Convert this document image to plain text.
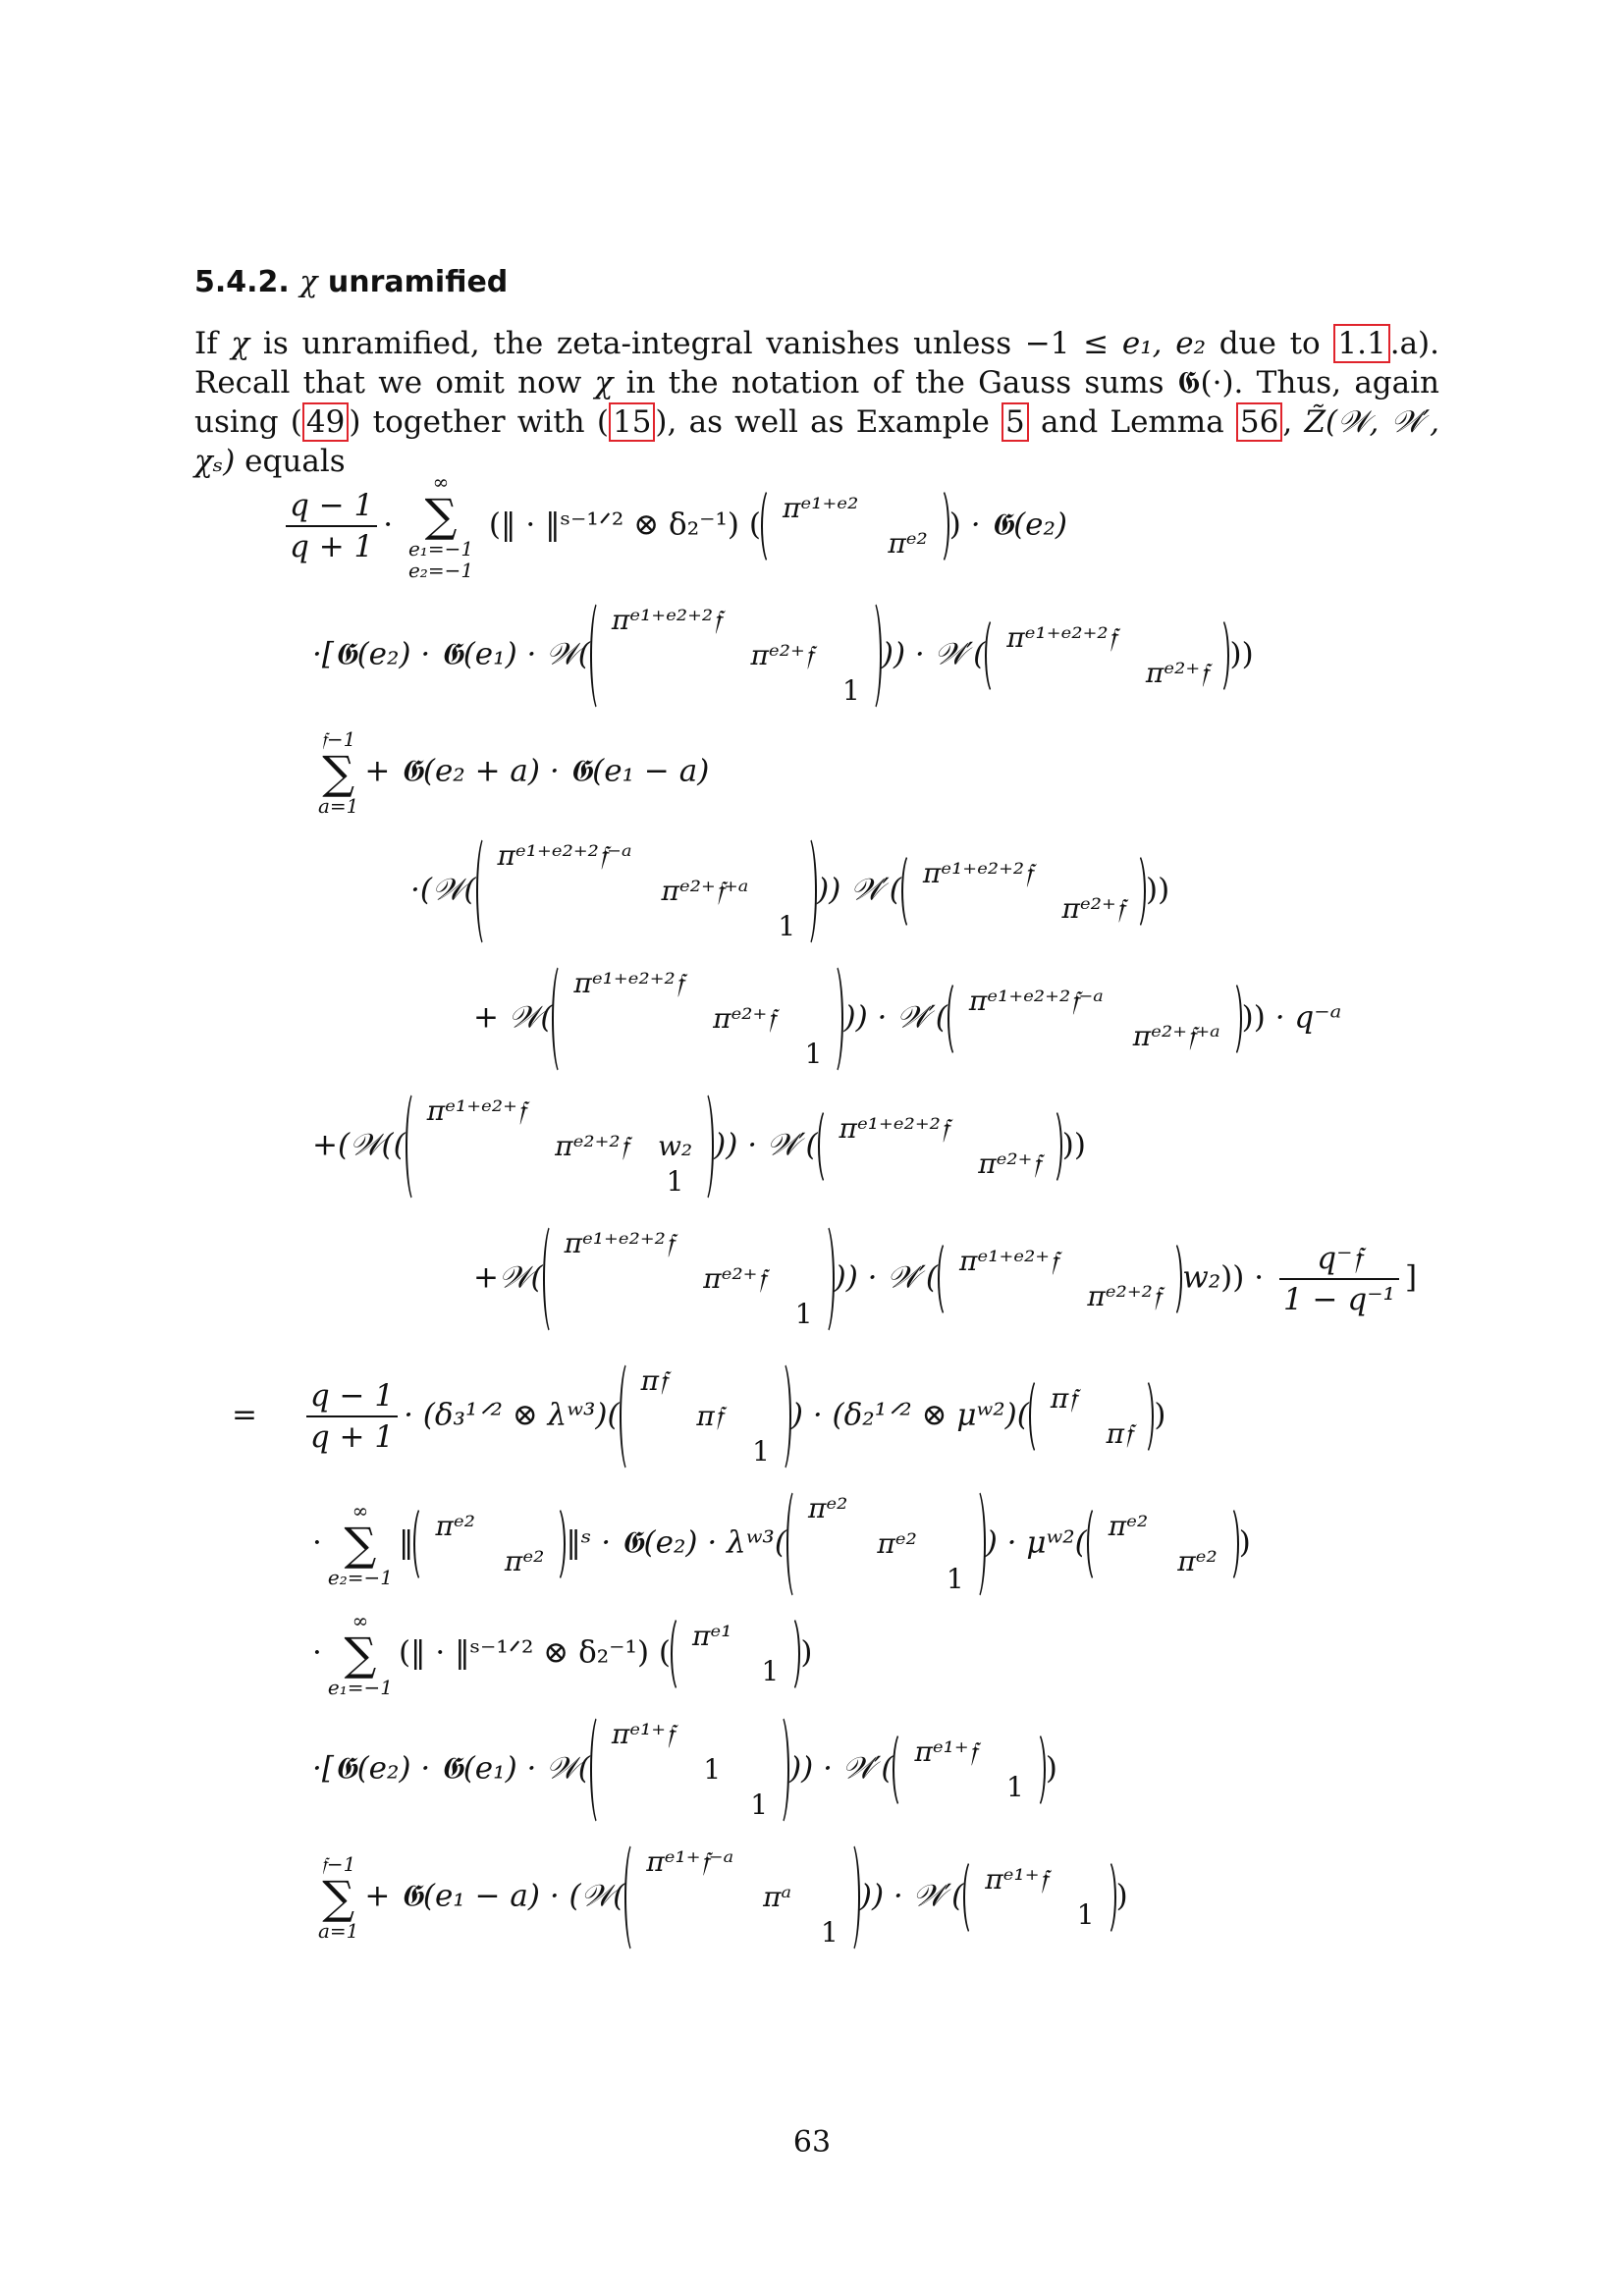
5.4.2. χ unramified
If χ is unramified, the zeta-integral vanishes unless −1 ≤ e₁, e₂ due to 1.1 .a). Recall that we omit now χ in the notation of the Gauss sums 𝕲(·). Thus, again using ( 49 ) together with ( 15 ), as well as Example 5 and Lemma 56 , Z̃(𝒲, 𝒲′, χₛ) equals
$\frac{q - 1}{q + 1}$ ·
∞
∑
e₁=−1
e₂=−1
(‖ · ‖ˢ⁻¹ᐟ² ⊗ δ₂⁻¹) ( πᵉ¹⁺ᵉ²
πᵉ²
) · 𝕲(e₂)
·[𝕲(e₂) · 𝕲(e₁) · 𝒲(
πᵉ¹⁺ᵉ²⁺²𝔣
πᵉ²⁺𝔣
1
)) · 𝒲′( πᵉ¹⁺ᵉ²⁺²𝔣
πᵉ²⁺𝔣
))
𝔣−1
∑
a=1
+ 𝕲(e₂ + a) · 𝕲(e₁ − a)
·(𝒲(
πᵉ¹⁺ᵉ²⁺²𝔣⁻ᵃ
πᵉ²⁺𝔣⁺ᵃ
1
)) 𝒲′( πᵉ¹⁺ᵉ²⁺²𝔣
πᵉ²⁺𝔣
))
+ 𝒲(
πᵉ¹⁺ᵉ²⁺²𝔣
πᵉ²⁺𝔣
1
)) · 𝒲′( πᵉ¹⁺ᵉ²⁺²𝔣⁻ᵃ
πᵉ²⁺𝔣⁺ᵃ
)) · q⁻ᵃ
+(𝒲((
πᵉ¹⁺ᵉ²⁺𝔣
πᵉ²⁺²𝔣 w₂
1
)) · 𝒲′( πᵉ¹⁺ᵉ²⁺²𝔣
πᵉ²⁺𝔣
))
+𝒲(
πᵉ¹⁺ᵉ²⁺²𝔣
πᵉ²⁺𝔣
1
)) · 𝒲′( πᵉ¹⁺ᵉ²⁺𝔣
πᵉ²⁺²𝔣
$w_2)) \cdot \frac{\text{q⁻𝔣}}{\text{1 − q⁻¹}}$ ]
= $\frac{q - 1}{q + 1}$ · (δ₃¹ᐟ² ⊗ λʷ³)(
π𝔣
π𝔣
1
) · (δ₂¹ᐟ² ⊗ μʷ²)( π𝔣
π𝔣
)
·
∞
∑
e₂=−1
‖ πᵉ²
πᵉ²
‖ˢ · 𝕲(e₂) · λʷ³(
πᵉ²
πᵉ²
1
) · μʷ²( πᵉ²
πᵉ²
)
·
∞
∑
e₁=−1
(‖ · ‖ˢ⁻¹ᐟ² ⊗ δ₂⁻¹) ( πᵉ¹
1
)
·[𝕲(e₂) · 𝕲(e₁) · 𝒲(
πᵉ¹⁺𝔣
1
1
)) · 𝒲′( πᵉ¹⁺𝔣
1
)
𝔣−1
∑
a=1
+ 𝕲(e₁ − a) · (𝒲(
πᵉ¹⁺𝔣⁻ᵃ
πᵃ
1
)) · 𝒲′( πᵉ¹⁺𝔣
1
)
63
